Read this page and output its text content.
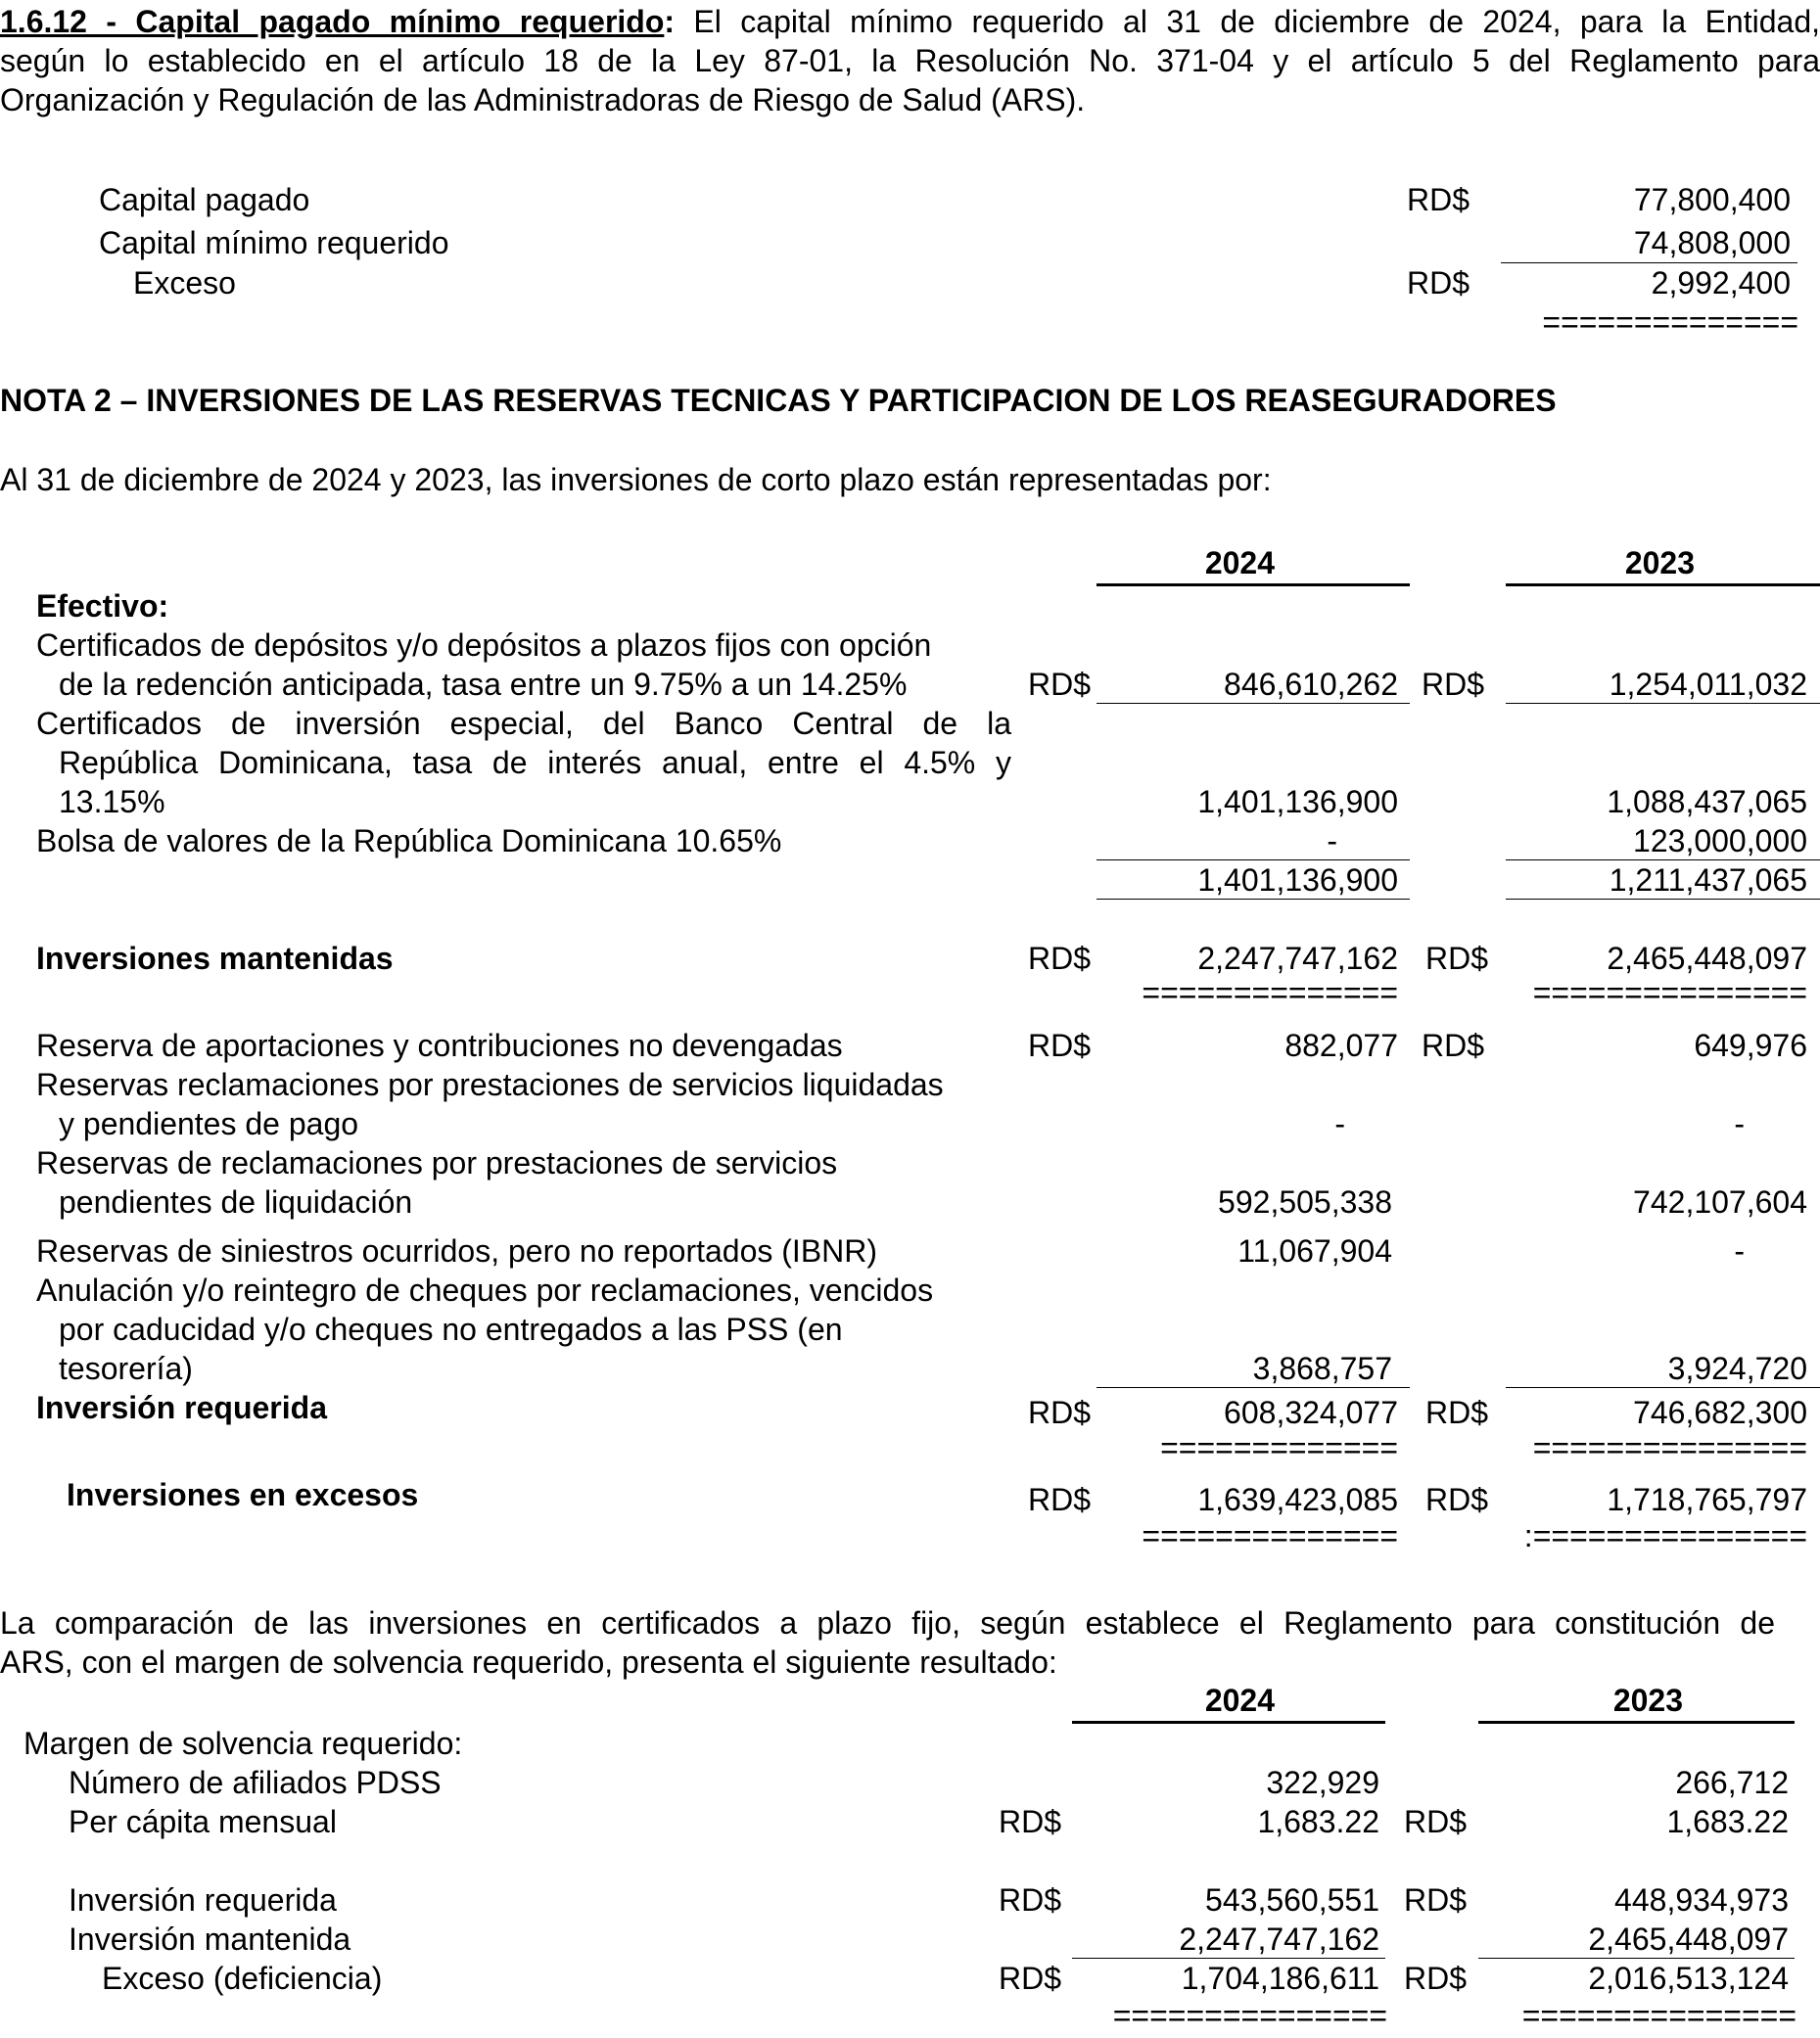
1.6.12 - Capital pagado mínimo requerido: El capital mínimo requerido al 31 de diciembre de 2024, para la Entidad,
según lo establecido en el artículo 18 de la Ley 87-01, la Resolución No. 371-04 y el artículo 5 del Reglamento para
Organización y Regulación de las Administradoras de Riesgo de Salud (ARS).
Capital pagado	RD$	77,800,400
Capital mínimo requerido	74,808,000
Exceso	RD$	2,992,400
==============
NOTA 2 – INVERSIONES DE LAS RESERVAS TECNICAS Y PARTICIPACION DE LOS REASEGURADORES
Al 31 de diciembre de 2024 y 2023, las inversiones de corto plazo están representadas por:
2024	2023
Efectivo:
Certificados de depósitos y/o depósitos a plazos fijos con opción
de la redención anticipada, tasa entre un 9.75% a un 14.25%	RD$	846,610,262 RD$	1,254,011,032
Certificados de inversión especial, del Banco Central de la
República Dominicana, tasa de interés anual, entre el 4.5% y
13.15%	1,401,136,900	1,088,437,065
Bolsa de valores de la República Dominicana 10.65%	-	123,000,000
1,401,136,900	1,211,437,065
Inversiones mantenidas	RD$	2,247,747,162 RD$	2,465,448,097
==============	===============
Reserva de aportaciones y contribuciones no devengadas	RD$	882,077 RD$	649,976
Reservas reclamaciones por prestaciones de servicios liquidadas
y pendientes de pago	-	-
Reservas de reclamaciones por prestaciones de servicios
pendientes de liquidación	592,505,338	742,107,604
Reservas de siniestros ocurridos, pero no reportados (IBNR)	11,067,904	-
Anulación y/o reintegro de cheques por reclamaciones, vencidos
por caducidad y/o cheques no entregados a las PSS (en
tesorería)	3,868,757	3,924,720
Inversión requerida	RD$	608,324,077 RD$	746,682,300
=============	===============
Inversiones en excesos	RD$	1,639,423,085 RD$	1,718,765,797
==============	:===============
La comparación de las inversiones en certificados a plazo fijo, según establece el Reglamento para constitución de
ARS, con el margen de solvencia requerido, presenta el siguiente resultado:
2024	2023
Margen de solvencia requerido:
Número de afiliados PDSS	322,929	266,712
Per cápita mensual	RD$	1,683.22 RD$	1,683.22
Inversión requerida	RD$	543,560,551 RD$	448,934,973
Inversión mantenida	2,247,747,162	2,465,448,097
Exceso (deficiencia)	RD$	1,704,186,611 RD$	2,016,513,124
===============	===============
